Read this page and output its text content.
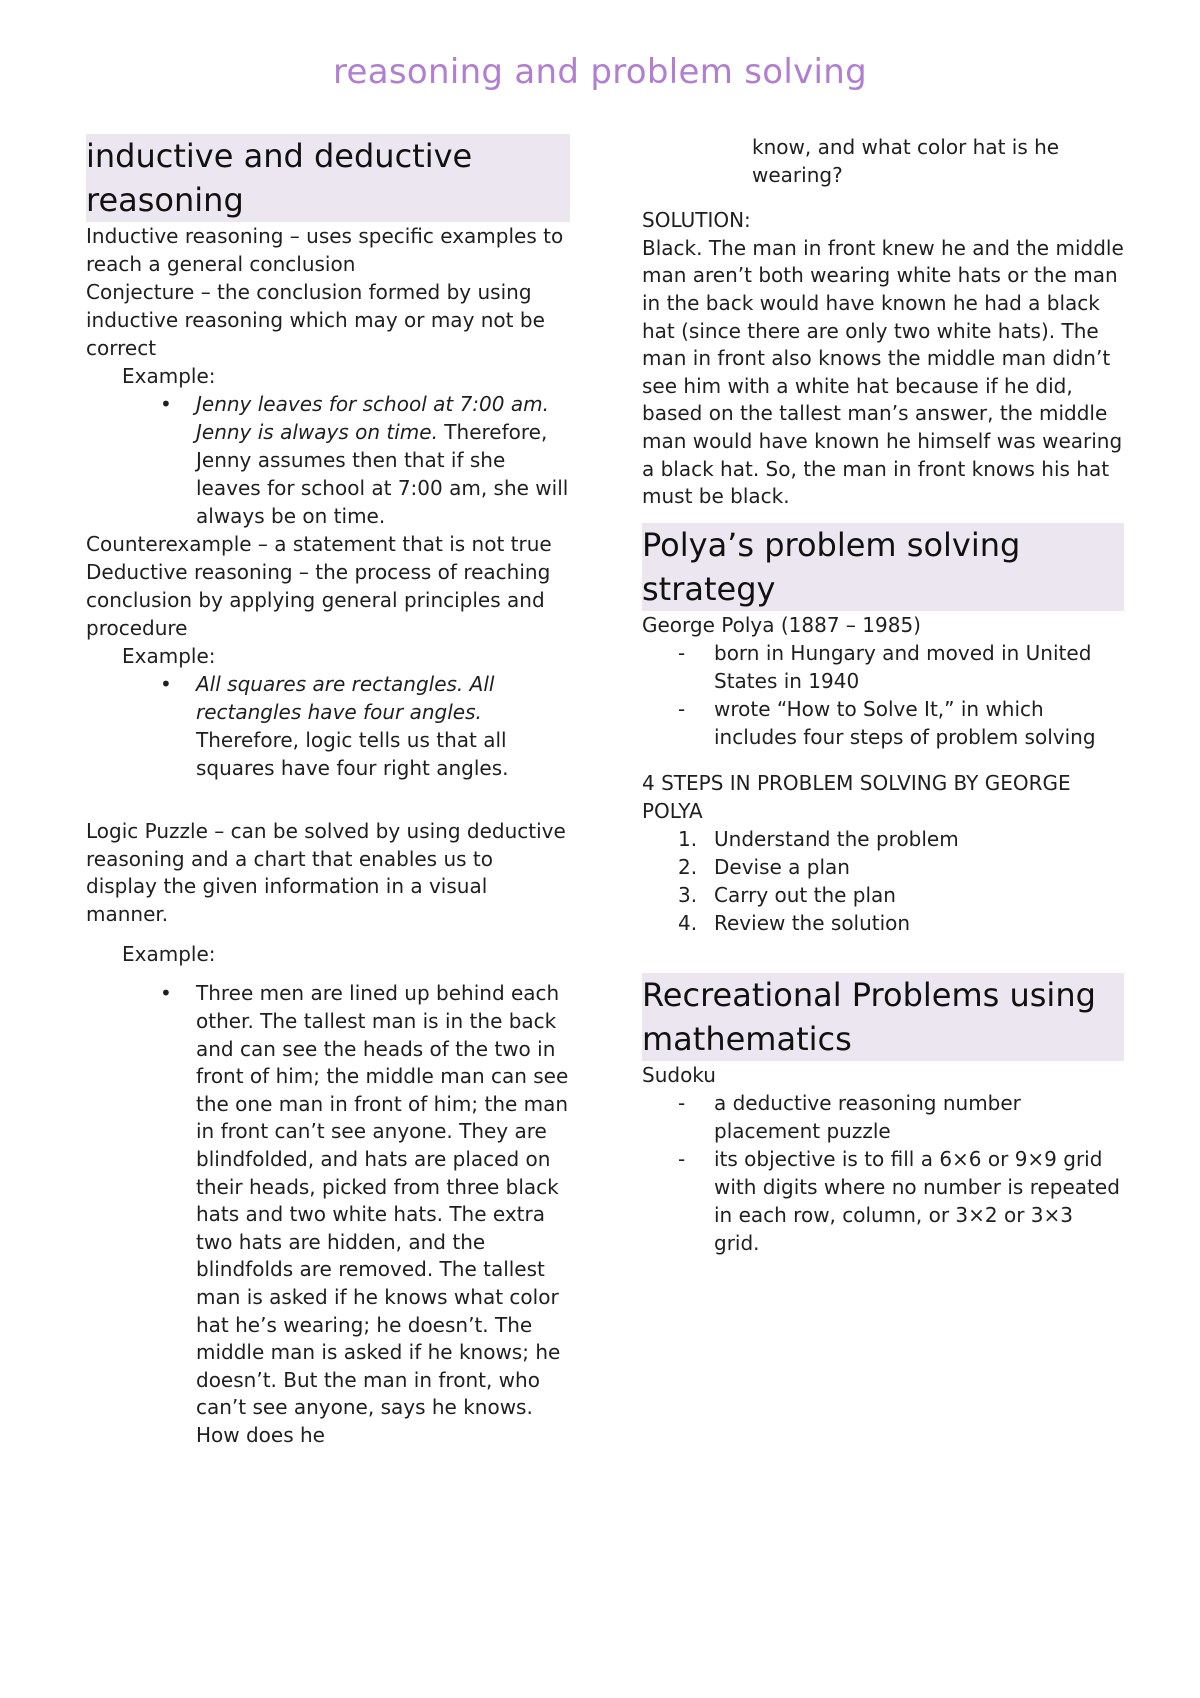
reasoning and problem solving
inductive and deductive reasoning

Inductive reasoning – uses specific examples to reach a general conclusion

Conjecture – the conclusion formed by using inductive reasoning which may or may not be correct

Example:

• Jenny leaves for school at 7:00 am. Jenny is always on time. Therefore, Jenny assumes then that if she leaves for school at 7:00 am, she will always be on time.

Counterexample – a statement that is not true

Deductive reasoning – the process of reaching conclusion by applying general principles and procedure

Example:

• All squares are rectangles. All rectangles have four angles. Therefore, logic tells us that all squares have four right angles.

Logic Puzzle – can be solved by using deductive reasoning and a chart that enables us to display the given information in a visual manner.

Example:

• Three men are lined up behind each other. The tallest man is in the back and can see the heads of the two in front of him; the middle man can see the one man in front of him; the man in front can’t see anyone. They are blindfolded, and hats are placed on their heads, picked from three black hats and two white hats. The extra two hats are hidden, and the blindfolds are removed. The tallest man is asked if he knows what color hat he’s wearing; he doesn’t. The middle man is asked if he knows; he doesn’t. But the man in front, who can’t see anyone, says he knows. How does he

know, and what color hat is he wearing?

SOLUTION:

Black. The man in front knew he and the middle man aren’t both wearing white hats or the man in the back would have known he had a black hat (since there are only two white hats). The man in front also knows the middle man didn’t see him with a white hat because if he did, based on the tallest man’s answer, the middle man would have known he himself was wearing a black hat. So, the man in front knows his hat must be black.

Polya’s problem solving strategy

George Polya (1887 – 1985)

- born in Hungary and moved in United States in 1940
- wrote “How to Solve It,” in which includes four steps of problem solving

4 STEPS IN PROBLEM SOLVING BY GEORGE POLYA

1. Understand the problem
2. Devise a plan
3. Carry out the plan
4. Review the solution
Recreational Problems using mathematics

Sudoku

- a deductive reasoning number placement puzzle
- its objective is to fill a 6×6 or 9×9 grid with digits where no number is repeated in each row, column, or 3×2 or 3×3 grid.
